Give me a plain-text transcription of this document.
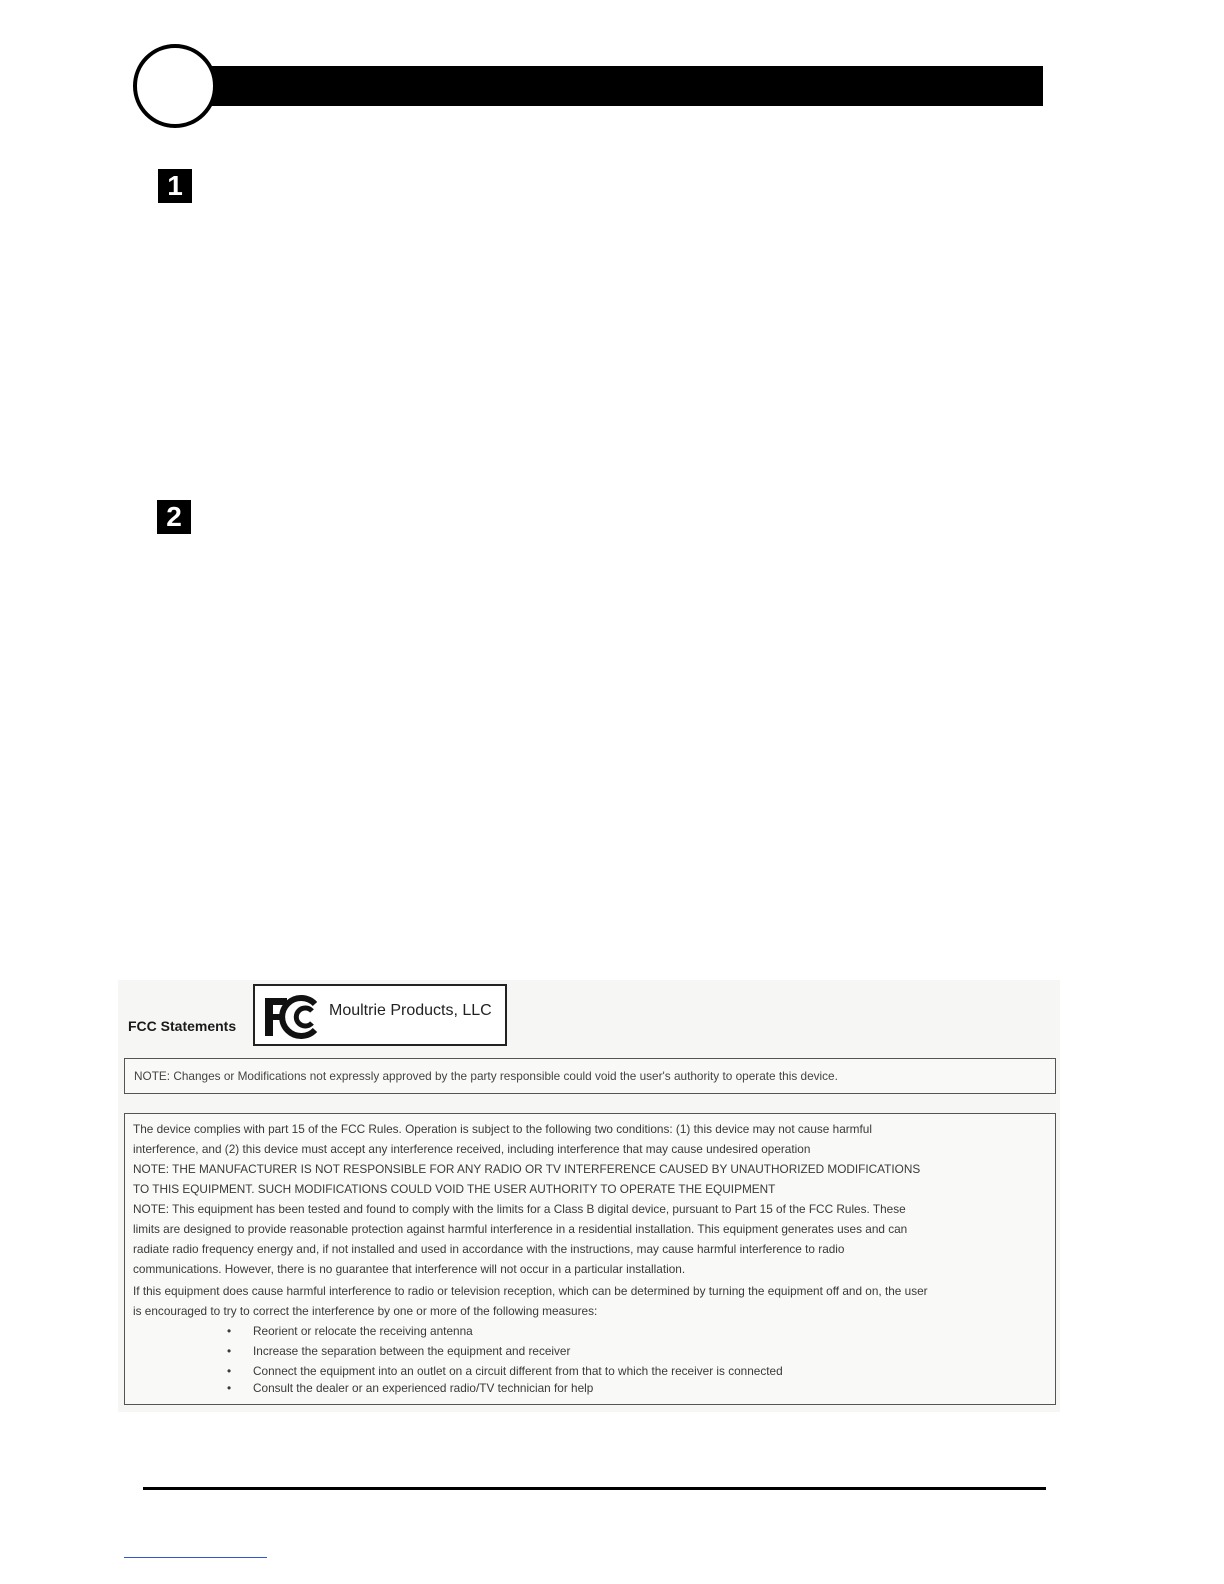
1
2
FCC Statements
Moultrie Products, LLC
NOTE: Changes or Modifications not expressly approved by the party responsible could void the user's authority to operate this device.
The device complies with part 15 of the FCC Rules. Operation is subject to the following two conditions: (1) this device may not cause harmful
interference, and (2) this device must accept any interference received, including interference that may cause undesired operation
NOTE: THE MANUFACTURER IS NOT RESPONSIBLE FOR ANY RADIO OR TV INTERFERENCE CAUSED BY UNAUTHORIZED MODIFICATIONS
TO THIS EQUIPMENT. SUCH MODIFICATIONS COULD VOID THE USER AUTHORITY TO OPERATE THE EQUIPMENT
NOTE: This equipment has been tested and found to comply with the limits for a Class B digital device, pursuant to Part 15 of the FCC Rules. These
limits are designed to provide reasonable protection against harmful interference in a residential installation. This equipment generates uses and can
radiate radio frequency energy and, if not installed and used in accordance with the instructions, may cause harmful interference to radio
communications. However, there is no guarantee that interference will not occur in a particular installation.
If this equipment does cause harmful interference to radio or television reception, which can be determined by turning the equipment off and on, the user
is encouraged to try to correct the interference by one or more of the following measures:
• Reorient or relocate the receiving antenna
• Increase the separation between the equipment and receiver
• Connect the equipment into an outlet on a circuit different from that to which the receiver is connected
• Consult the dealer or an experienced radio/TV technician for help
